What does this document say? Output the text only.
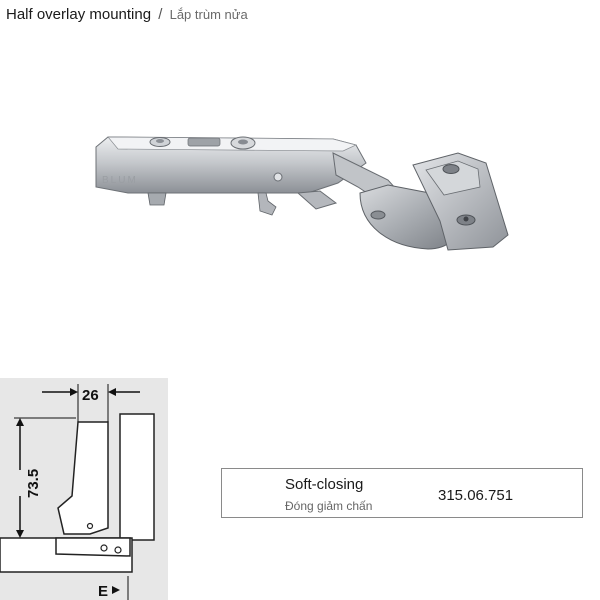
Half overlay mounting / Lắp trùm nửa
BLUM
26
73.5
E
Soft-closing
Đóng giảm chấn
315.06.751
